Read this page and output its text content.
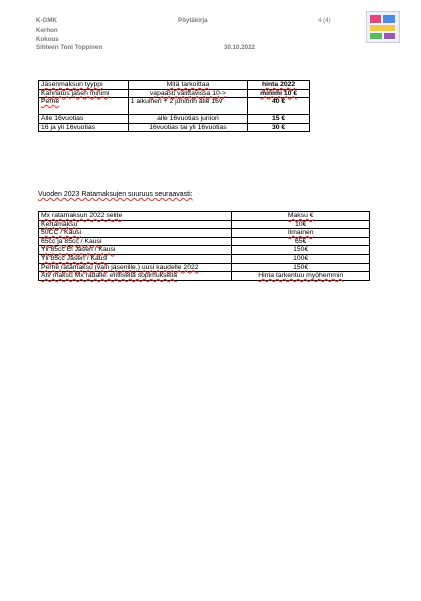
K-GMK	Pöytäkirja	4 (4)
Kerhon
Kokous
Sihteeri Toni Toppinen	30.10.2022
Jäsenmaksun tyyppi	Mitä tarkoittaa	hinta 2022
Kannatus jäsen minimi	vapaasti valittavissa 10->	minimi 10 €
Perhe	1 aikuinen + 2 juniorin alle 16v	40 €
Alle 16vuotias	alle 16vuotias juniori	15 €
16 ja yli 16vuotias	16vuotias tai yli 16vuotias	30 €
Vuoden 2023 Ratamaksujen suuruus seuraavasti:
Mx ratamaksun 2022 selite	Maksu €
Kertamaksu	10€
50CC / Kausi	Ilmainen
65cc ja 85cc / Kausi	65€
Yli 85cc Ei Jäsen / Kausi	150€
Yli 85cc Jäsen / Kausi	100€
Perhe ratamaksu (vain jäsenille.) uusi kaudelle 2022	150€
Atv maksu Mx radalle. erillisellä sopimuksella	Hinta tarkentuu myöhemmin
